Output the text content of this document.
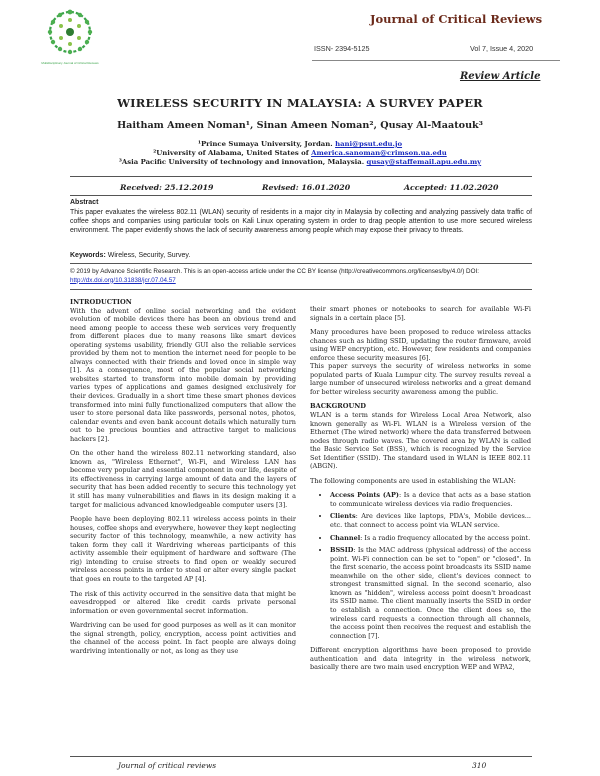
Multidisciplinary Journal of Critical Reviews
Journal of Critical Reviews
ISSN- 2394-5125	Vol 7, Issue 4, 2020
Review Article
WIRELESS SECURITY IN MALAYSIA: A SURVEY PAPER
Haitham Ameen Noman¹, Sinan Ameen Noman², Qusay Al-Maatouk³
¹Prince Sumaya University, Jordan. hani@psut.edu.jo
²University of Alabama, United States of America.sanoman@crimson.ua.edu
³Asia Pacific University of technology and innovation, Malaysia. qusay@staffemail.apu.edu.my
Received: 25.12.2019	Revised: 16.01.2020	Accepted: 11.02.2020
Abstract
This paper evaluates the wireless 802.11 (WLAN) security of residents in a major city in Malaysia by collecting and analyzing passively data traffic of coffee shops and companies using particular tools on Kali Linux operating system in order to drag people attention to use more secured wireless environment. The paper evidently shows the lack of security awareness among people which may expose their privacy to threats.
Keywords: Wireless, Security, Survey.
© 2019 by Advance Scientific Research. This is an open-access article under the CC BY license (http://creativecommons.org/licenses/by/4.0/) DOI: http://dx.doi.org/10.31838/jcr.07.04.57
INTRODUCTION

With the advent of online social networking and the evident evolution of mobile devices there has been an obvious trend and need among people to access these web services very frequently from different places due to many reasons like smart devices operating systems usability, friendly GUI also the reliable services provided by them not to mention the internet need for people to be always connected with their friends and loved once in simple way [1]. As a consequence, most of the popular social networking websites started to transform into mobile domain by providing varies types of applications and games designed exclusively for their devices. Gradually in a short time these smart phones devices transformed into mini fully functionalized computers that allow the user to store personal data like passwords, personal notes, photos, calendar events and even bank account details which naturally turn out to be precious bounties and attractive target to malicious hackers [2].

On the other hand the wireless 802.11 networking standard, also known as, "Wireless Ethernet", Wi-Fi, and Wireless LAN has become very popular and essential component in our life, despite of its effectiveness in carrying large amount of data and the layers of security that has been added recently to secure this technology yet it still has many vulnerabilities and flaws in its design making it a target for malicious advanced knowledgeable computer users [3].

People have been deploying 802.11 wireless access points in their houses, coffee shops and everywhere, however they kept neglecting security factor of this technology, meanwhile, a new activity has taken form they call it Wardriving whereas participants of this activity assemble their equipment of hardware and software (The rig) intending to cruise streets to find open or weakly secured wireless access points in order to steal or alter every single packet that goes en route to the targeted AP [4].

The risk of this activity occurred in the sensitive data that might be eavesdropped or altered like credit cards private personal information or even governmental secret information.

Wardriving can be used for good purposes as well as it can monitor the signal strength, policy, encryption, access point activities and the channel of the access point. In fact people are always doing wardriving intentionally or not, as long as they use

their smart phones or notebooks to search for available Wi-Fi signals in a certain place [5].

Many procedures have been proposed to reduce wireless attacks chances such as hiding SSID, updating the router firmware, avoid using WEP encryption, etc. However, few residents and companies enforce these security measures [6].

This paper surveys the security of wireless networks in some populated parts of Kuala Lumpur city. The survey results reveal a large number of unsecured wireless networks and a great demand for better wireless security awareness among the public.

BACKGROUND

WLAN is a term stands for Wireless Local Area Network, also known generally as Wi-Fi. WLAN is a Wireless version of the Ethernet (The wired network) where the data transferred between nodes through radio waves. The covered area by WLAN is called the Basic Service Set (BSS), which is recognized by the Service Set Identifier (SSID). The standard used in WLAN is IEEE 802.11 (ABGN).

The following components are used in establishing the WLAN:

• Access Points (AP): Is a device that acts as a base station to communicate wireless devices via radio frequencies.
• Clients: Are devices like laptops, PDA's, Mobile devices... etc. that connect to access point via WLAN service.
• Channel: Is a radio frequency allocated by the access point.
• BSSID: Is the MAC address (physical address) of the access point. Wi-Fi connection can be set to "open" or "closed". In the first scenario, the access point broadcasts its SSID name meanwhile on the other side, client's devices connect to strongest transmitted signal. In the second scenario, also known as "hidden", wireless access point doesn't broadcast its SSID name. The client manually inserts the SSID in order to establish a connection. Once the client does so, the wireless card requests a connection through all channels, the access point then receives the request and establish the connection [7].

Different encryption algorithms have been proposed to provide authentication and data integrity in the wireless network, basically there are two main used encryption WEP and WPA2,

Journal of critical reviews	310
